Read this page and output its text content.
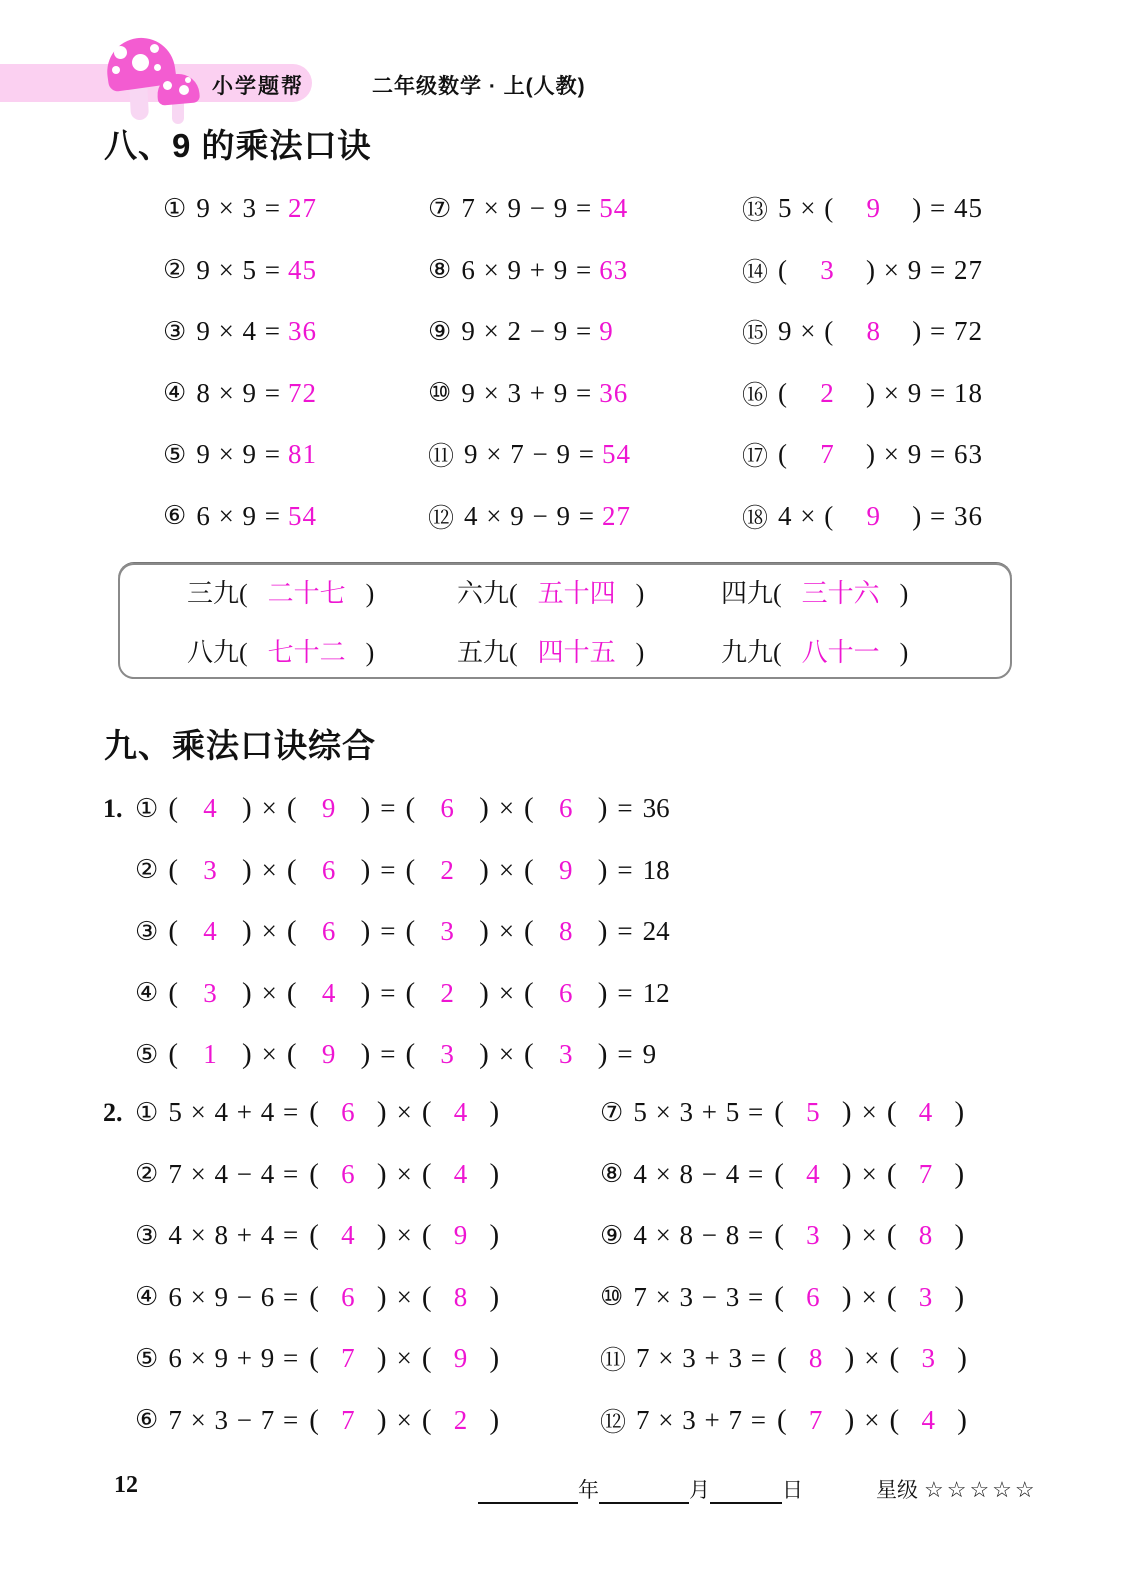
小学题帮	二年级数学 · 上(人教)
八、9 的乘法口诀
① 9 × 3 = 27
② 9 × 5 = 45
③ 9 × 4 = 36
④ 8 × 9 = 72
⑤ 9 × 9 = 81
⑥ 6 × 9 = 54
⑦ 7 × 9 − 9 = 54
⑧ 6 × 9 + 9 = 63
⑨ 9 × 2 − 9 = 9
⑩ 9 × 3 + 9 = 36
⑪ 9 × 7 − 9 = 54
⑫ 4 × 9 − 9 = 27
⑬ 5 × (	9	) = 45
⑭ (	3	) × 9 = 27
⑮ 9 × (	8	) = 72
⑯ (	2	) × 9 = 18
⑰ (	7	) × 9 = 63
⑱ 4 × (	9	) = 36
三九( 二十七 )	六九( 五十四 )	四九( 三十六 )
八九( 七十二 )	五九( 四十五 )	九九( 八十一 )
九、乘法口诀综合
1. ① ( 4 ) × ( 9 ) = ( 6 ) × ( 6 ) = 36
② ( 3 ) × ( 6 ) = ( 2 ) × ( 9 ) = 18
③ ( 4 ) × ( 6 ) = ( 3 ) × ( 8 ) = 24
④ ( 3 ) × ( 4 ) = ( 2 ) × ( 6 ) = 12
⑤ ( 1 ) × ( 9 ) = ( 3 ) × ( 3 ) = 9
2. ① 5 × 4 + 4 = ( 6 ) × ( 4 )
② 7 × 4 − 4 = ( 6 ) × ( 4 )
③ 4 × 8 + 4 = ( 4 ) × ( 9 )
④ 6 × 9 − 6 = ( 6 ) × ( 8 )
⑤ 6 × 9 + 9 = ( 7 ) × ( 9 )
⑥ 7 × 3 − 7 = ( 7 ) × ( 2 )
⑦ 5 × 3 + 5 = ( 5 ) × ( 4 )
⑧ 4 × 8 − 4 = ( 4 ) × ( 7 )
⑨ 4 × 8 − 8 = ( 3 ) × ( 8 )
⑩ 7 × 3 − 3 = ( 6 ) × ( 3 )
⑪ 7 × 3 + 3 = ( 8 ) × ( 3 )
⑫ 7 × 3 + 7 = ( 7 ) × ( 4 )
12	年	月	日	星级 ☆☆☆☆☆
